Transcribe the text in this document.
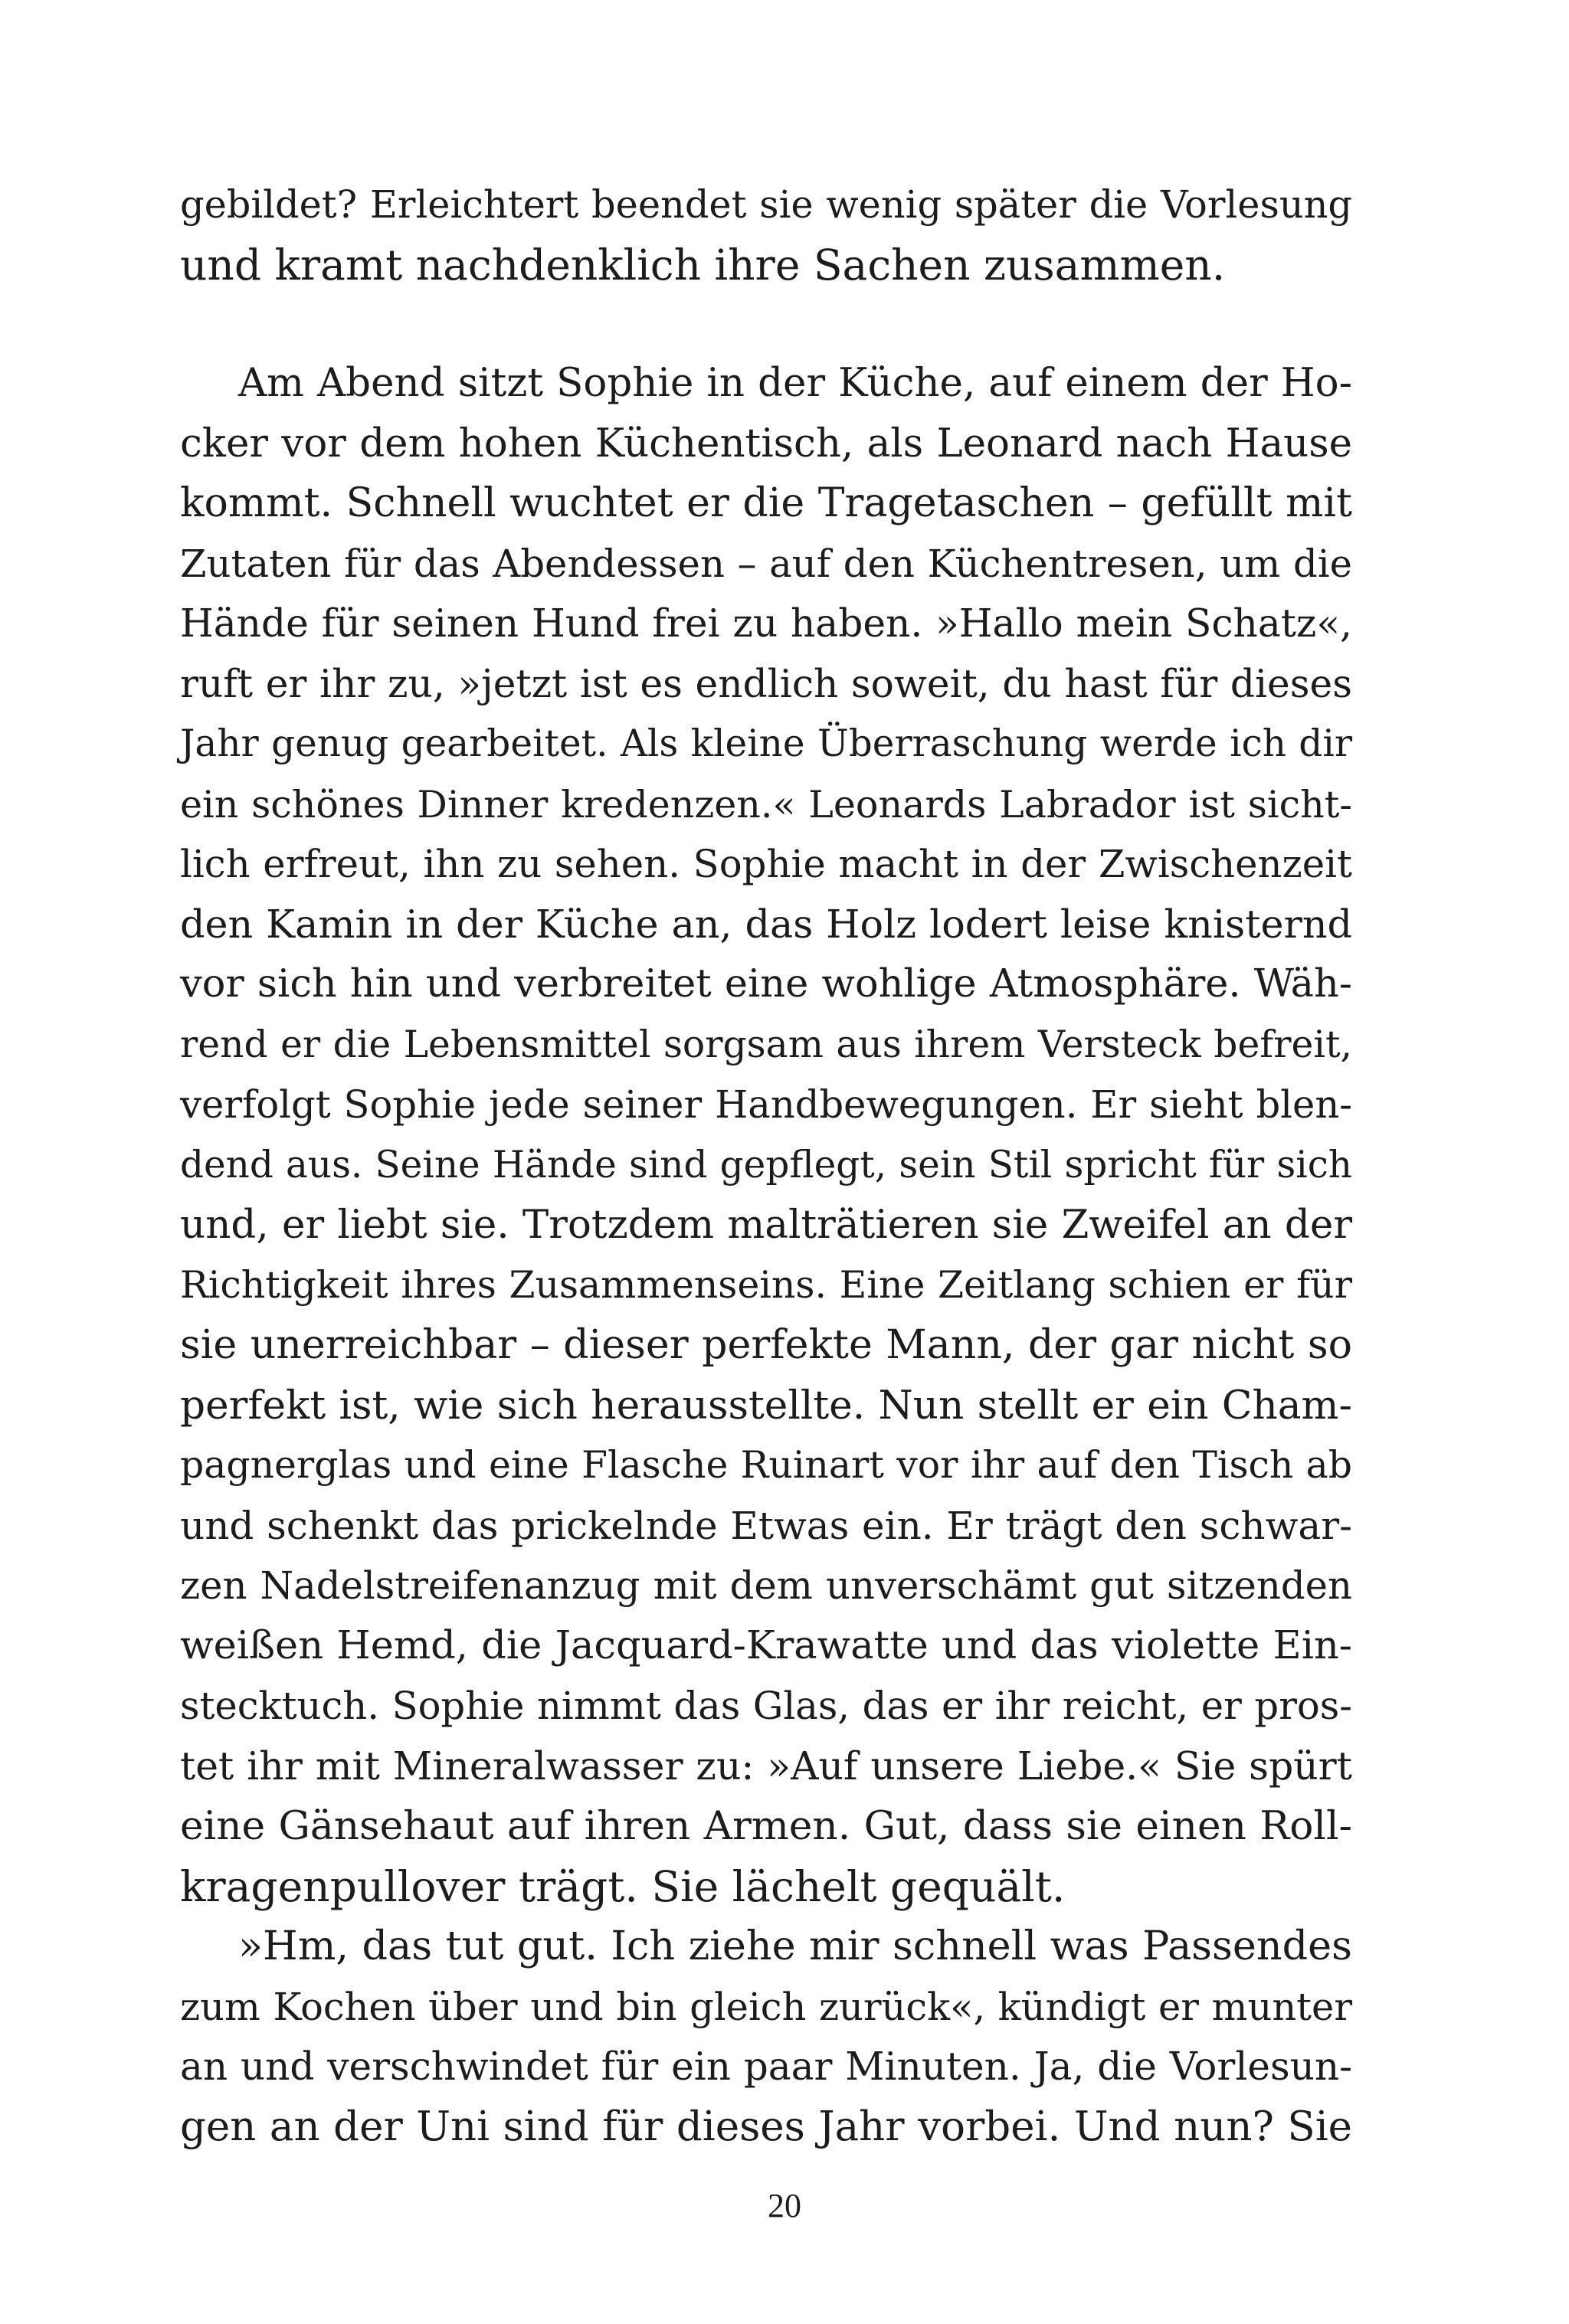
gebildet? Erleichtert beendet sie wenig später die Vorlesung
und kramt nachdenklich ihre Sachen zusammen.
Am Abend sitzt Sophie in der Küche, auf einem der Ho-
cker vor dem hohen Küchentisch, als Leonard nach Hause
kommt. Schnell wuchtet er die Tragetaschen – gefüllt mit
Zutaten für das Abendessen – auf den Küchentresen, um die
Hände für seinen Hund frei zu haben. »Hallo mein Schatz«,
ruft er ihr zu, »jetzt ist es endlich soweit, du hast für dieses
Jahr genug gearbeitet. Als kleine Überraschung werde ich dir
ein schönes Dinner kredenzen.« Leonards Labrador ist sicht-
lich erfreut, ihn zu sehen. Sophie macht in der Zwischenzeit
den Kamin in der Küche an, das Holz lodert leise knisternd
vor sich hin und verbreitet eine wohlige Atmosphäre. Wäh-
rend er die Lebensmittel sorgsam aus ihrem Versteck befreit,
verfolgt Sophie jede seiner Handbewegungen. Er sieht blen-
dend aus. Seine Hände sind gepflegt, sein Stil spricht für sich
und, er liebt sie. Trotzdem malträtieren sie Zweifel an der
Richtigkeit ihres Zusammenseins. Eine Zeitlang schien er für
sie unerreichbar – dieser perfekte Mann, der gar nicht so
perfekt ist, wie sich herausstellte. Nun stellt er ein Cham-
pagnerglas und eine Flasche Ruinart vor ihr auf den Tisch ab
und schenkt das prickelnde Etwas ein. Er trägt den schwar-
zen Nadelstreifenanzug mit dem unverschämt gut sitzenden
weißen Hemd, die Jacquard-Krawatte und das violette Ein-
stecktuch. Sophie nimmt das Glas, das er ihr reicht, er pros-
tet ihr mit Mineralwasser zu: »Auf unsere Liebe.« Sie spürt
eine Gänsehaut auf ihren Armen. Gut, dass sie einen Roll-
kragenpullover trägt. Sie lächelt gequält.
»Hm, das tut gut. Ich ziehe mir schnell was Passendes
zum Kochen über und bin gleich zurück«, kündigt er munter
an und verschwindet für ein paar Minuten. Ja, die Vorlesun-
gen an der Uni sind für dieses Jahr vorbei. Und nun? Sie
20
